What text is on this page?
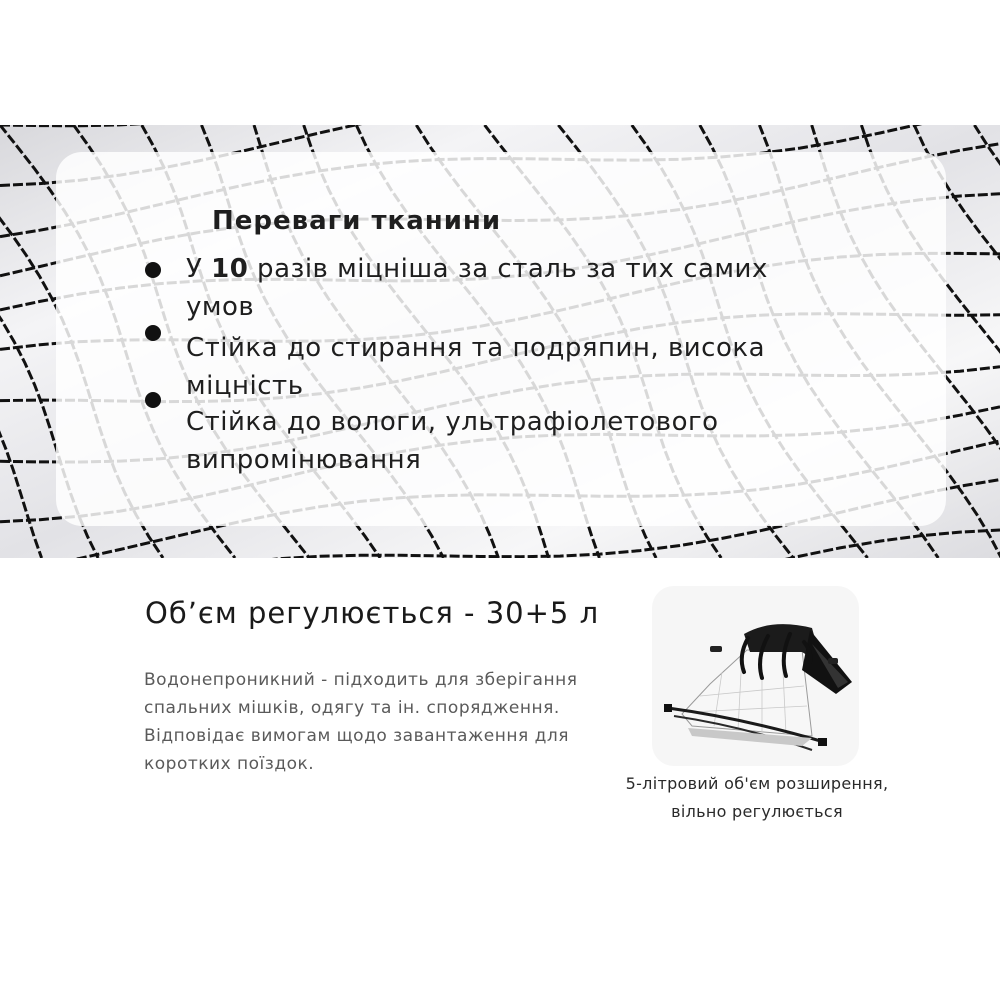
Переваги тканини
У 10 разів міцніша за сталь за тих самих
умов
Стійка до стирання та подряпин, висока
міцність
Стійка до вологи, ультрафіолетового
випромінювання
Об’єм регулюється - 30+5 л
Водонепроникний - підходить для зберігання
спальних мішків, одягу та ін. спорядження.
Відповідає вимогам щодо завантаження для
коротких поїздок.
5-літровий об'єм розширення,
вільно регулюється
